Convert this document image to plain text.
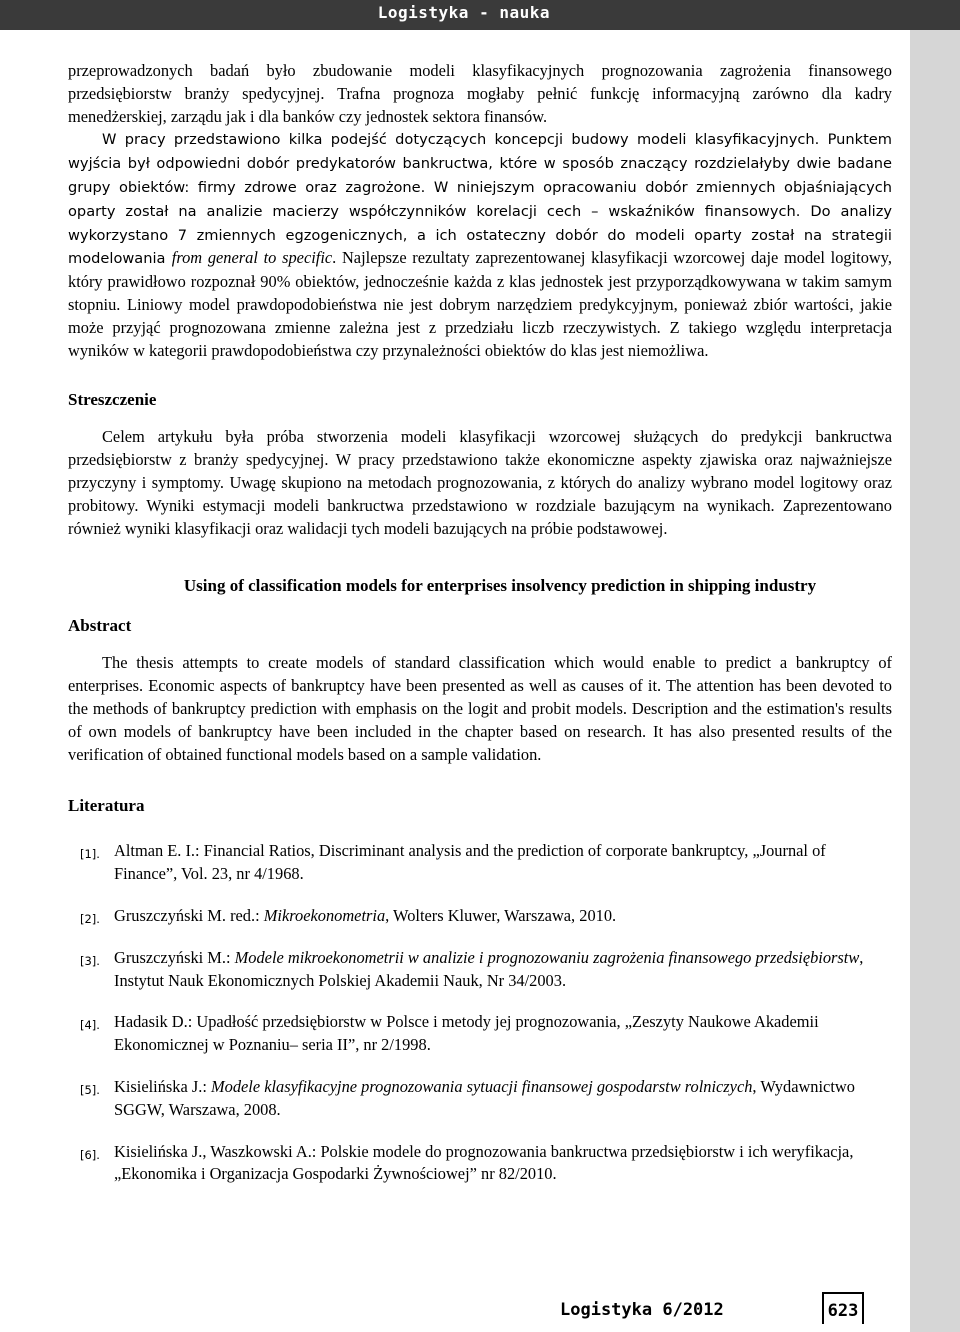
Logistyka - nauka

przeprowadzonych badań było zbudowanie modeli klasyfikacyjnych prognozowania zagrożenia finansowego przedsiębiorstw branży spedycyjnej. Trafna prognoza mogłaby pełnić funkcję informacyjną zarówno dla kadry menedżerskiej, zarządu jak i dla banków czy jednostek sektora finansów.

W pracy przedstawiono kilka podejść dotyczących koncepcji budowy modeli klasyfikacyjnych. Punktem wyjścia był odpowiedni dobór predykatorów bankructwa, które w sposób znaczący rozdzielałyby dwie badane grupy obiektów: firmy zdrowe oraz zagrożone. W niniejszym opracowaniu dobór zmiennych objaśniających oparty został na analizie macierzy współczynników korelacji cech – wskaźników finansowych. Do analizy wykorzystano 7 zmiennych egzogenicznych, a ich ostateczny dobór do modeli oparty został na strategii modelowania from general to specific. Najlepsze rezultaty zaprezentowanej klasyfikacji wzorcowej daje model logitowy, który prawidłowo rozpoznał 90% obiektów, jednocześnie każda z klas jednostek jest przyporządkowywana w takim samym stopniu. Liniowy model prawdopodobieństwa nie jest dobrym narzędziem predykcyjnym, ponieważ zbiór wartości, jakie może przyjąć prognozowana zmienne zależna jest z przedziału liczb rzeczywistych. Z takiego względu interpretacja wyników w kategorii prawdopodobieństwa czy przynależności obiektów do klas jest niemożliwa.

Streszczenie

Celem artykułu była próba stworzenia modeli klasyfikacji wzorcowej służących do predykcji bankructwa przedsiębiorstw z branży spedycyjnej. W pracy przedstawiono także ekonomiczne aspekty zjawiska oraz najważniejsze przyczyny i symptomy. Uwagę skupiono na metodach prognozowania, z których do analizy wybrano model logitowy oraz probitowy. Wyniki estymacji modeli bankructwa przedstawiono w rozdziale bazującym na wynikach. Zaprezentowano również wyniki klasyfikacji oraz walidacji tych modeli bazujących na próbie podstawowej.

Using of classification models for enterprises insolvency prediction in shipping industry
Abstract

The thesis attempts to create models of standard classification which would enable to predict a bankruptcy of enterprises. Economic aspects of bankruptcy have been presented as well as causes of it. The attention has been devoted to the methods of bankruptcy prediction with emphasis on the logit and probit models. Description and the estimation's results of own models of bankruptcy have been included in the chapter based on research. It has also presented results of the verification of obtained functional models based on a sample validation.

Literatura
[1]. Altman E. I.: Financial Ratios, Discriminant analysis and the prediction of corporate bankruptcy, „Journal of Finance”, Vol. 23, nr 4/1968.
[2]. Gruszczyński M. red.: Mikroekonometria, Wolters Kluwer, Warszawa, 2010.
[3]. Gruszczyński M.: Modele mikroekonometrii w analizie i prognozowaniu zagrożenia finansowego przedsiębiorstw, Instytut Nauk Ekonomicznych Polskiej Akademii Nauk, Nr 34/2003.
[4]. Hadasik D.: Upadłość przedsiębiorstw w Polsce i metody jej prognozowania, „Zeszyty Naukowe Akademii Ekonomicznej w Poznaniu– seria II”, nr 2/1998.
[5]. Kisielińska J.: Modele klasyfikacyjne prognozowania sytuacji finansowej gospodarstw rolniczych, Wydawnictwo SGGW, Warszawa, 2008.
[6]. Kisielińska J., Waszkowski A.: Polskie modele do prognozowania bankructwa przedsiębiorstw i ich weryfikacja, „Ekonomika i Organizacja Gospodarki Żywnościowej” nr 82/2010.
Logistyka 6/2012	623
